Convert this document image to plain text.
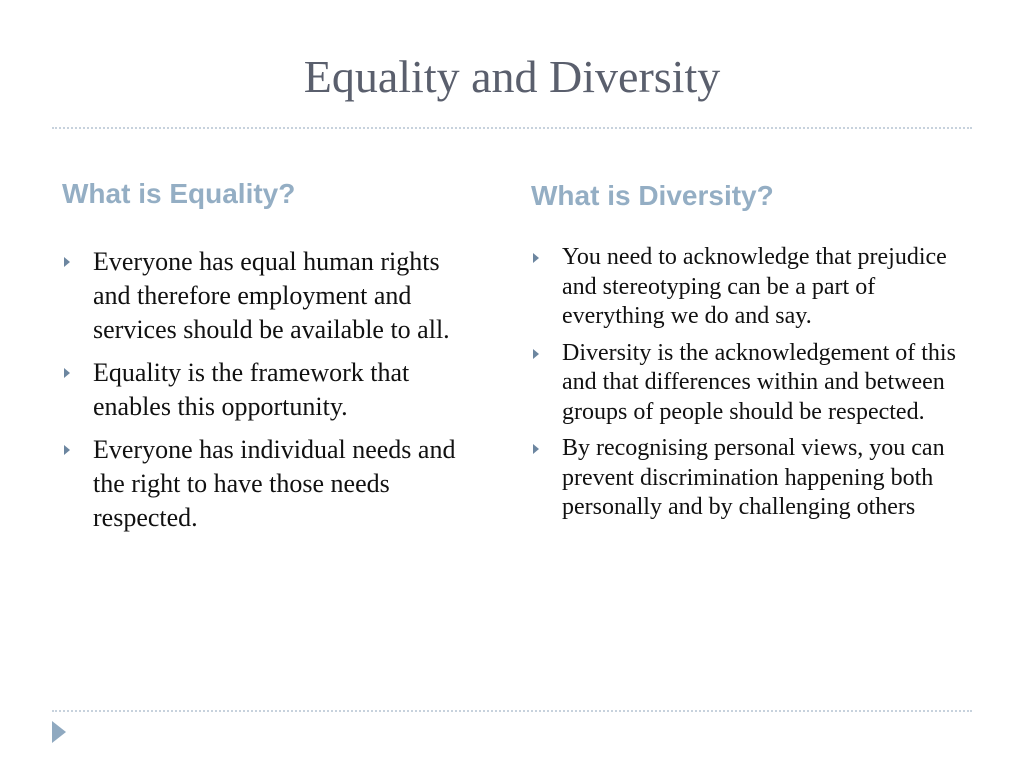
Equality and Diversity
What is Equality?	What is Diversity?
Everyone has equal human rights and therefore employment and services should be available to all.
Equality is the framework that enables this opportunity.
Everyone has individual needs and the right to have those needs respected.
You need to acknowledge that prejudice and stereotyping can be a part of everything we do and say.
Diversity is the acknowledgement of this and that differences within and between groups of people should be respected.
By recognising personal views, you can prevent discrimination happening both personally and by challenging others
